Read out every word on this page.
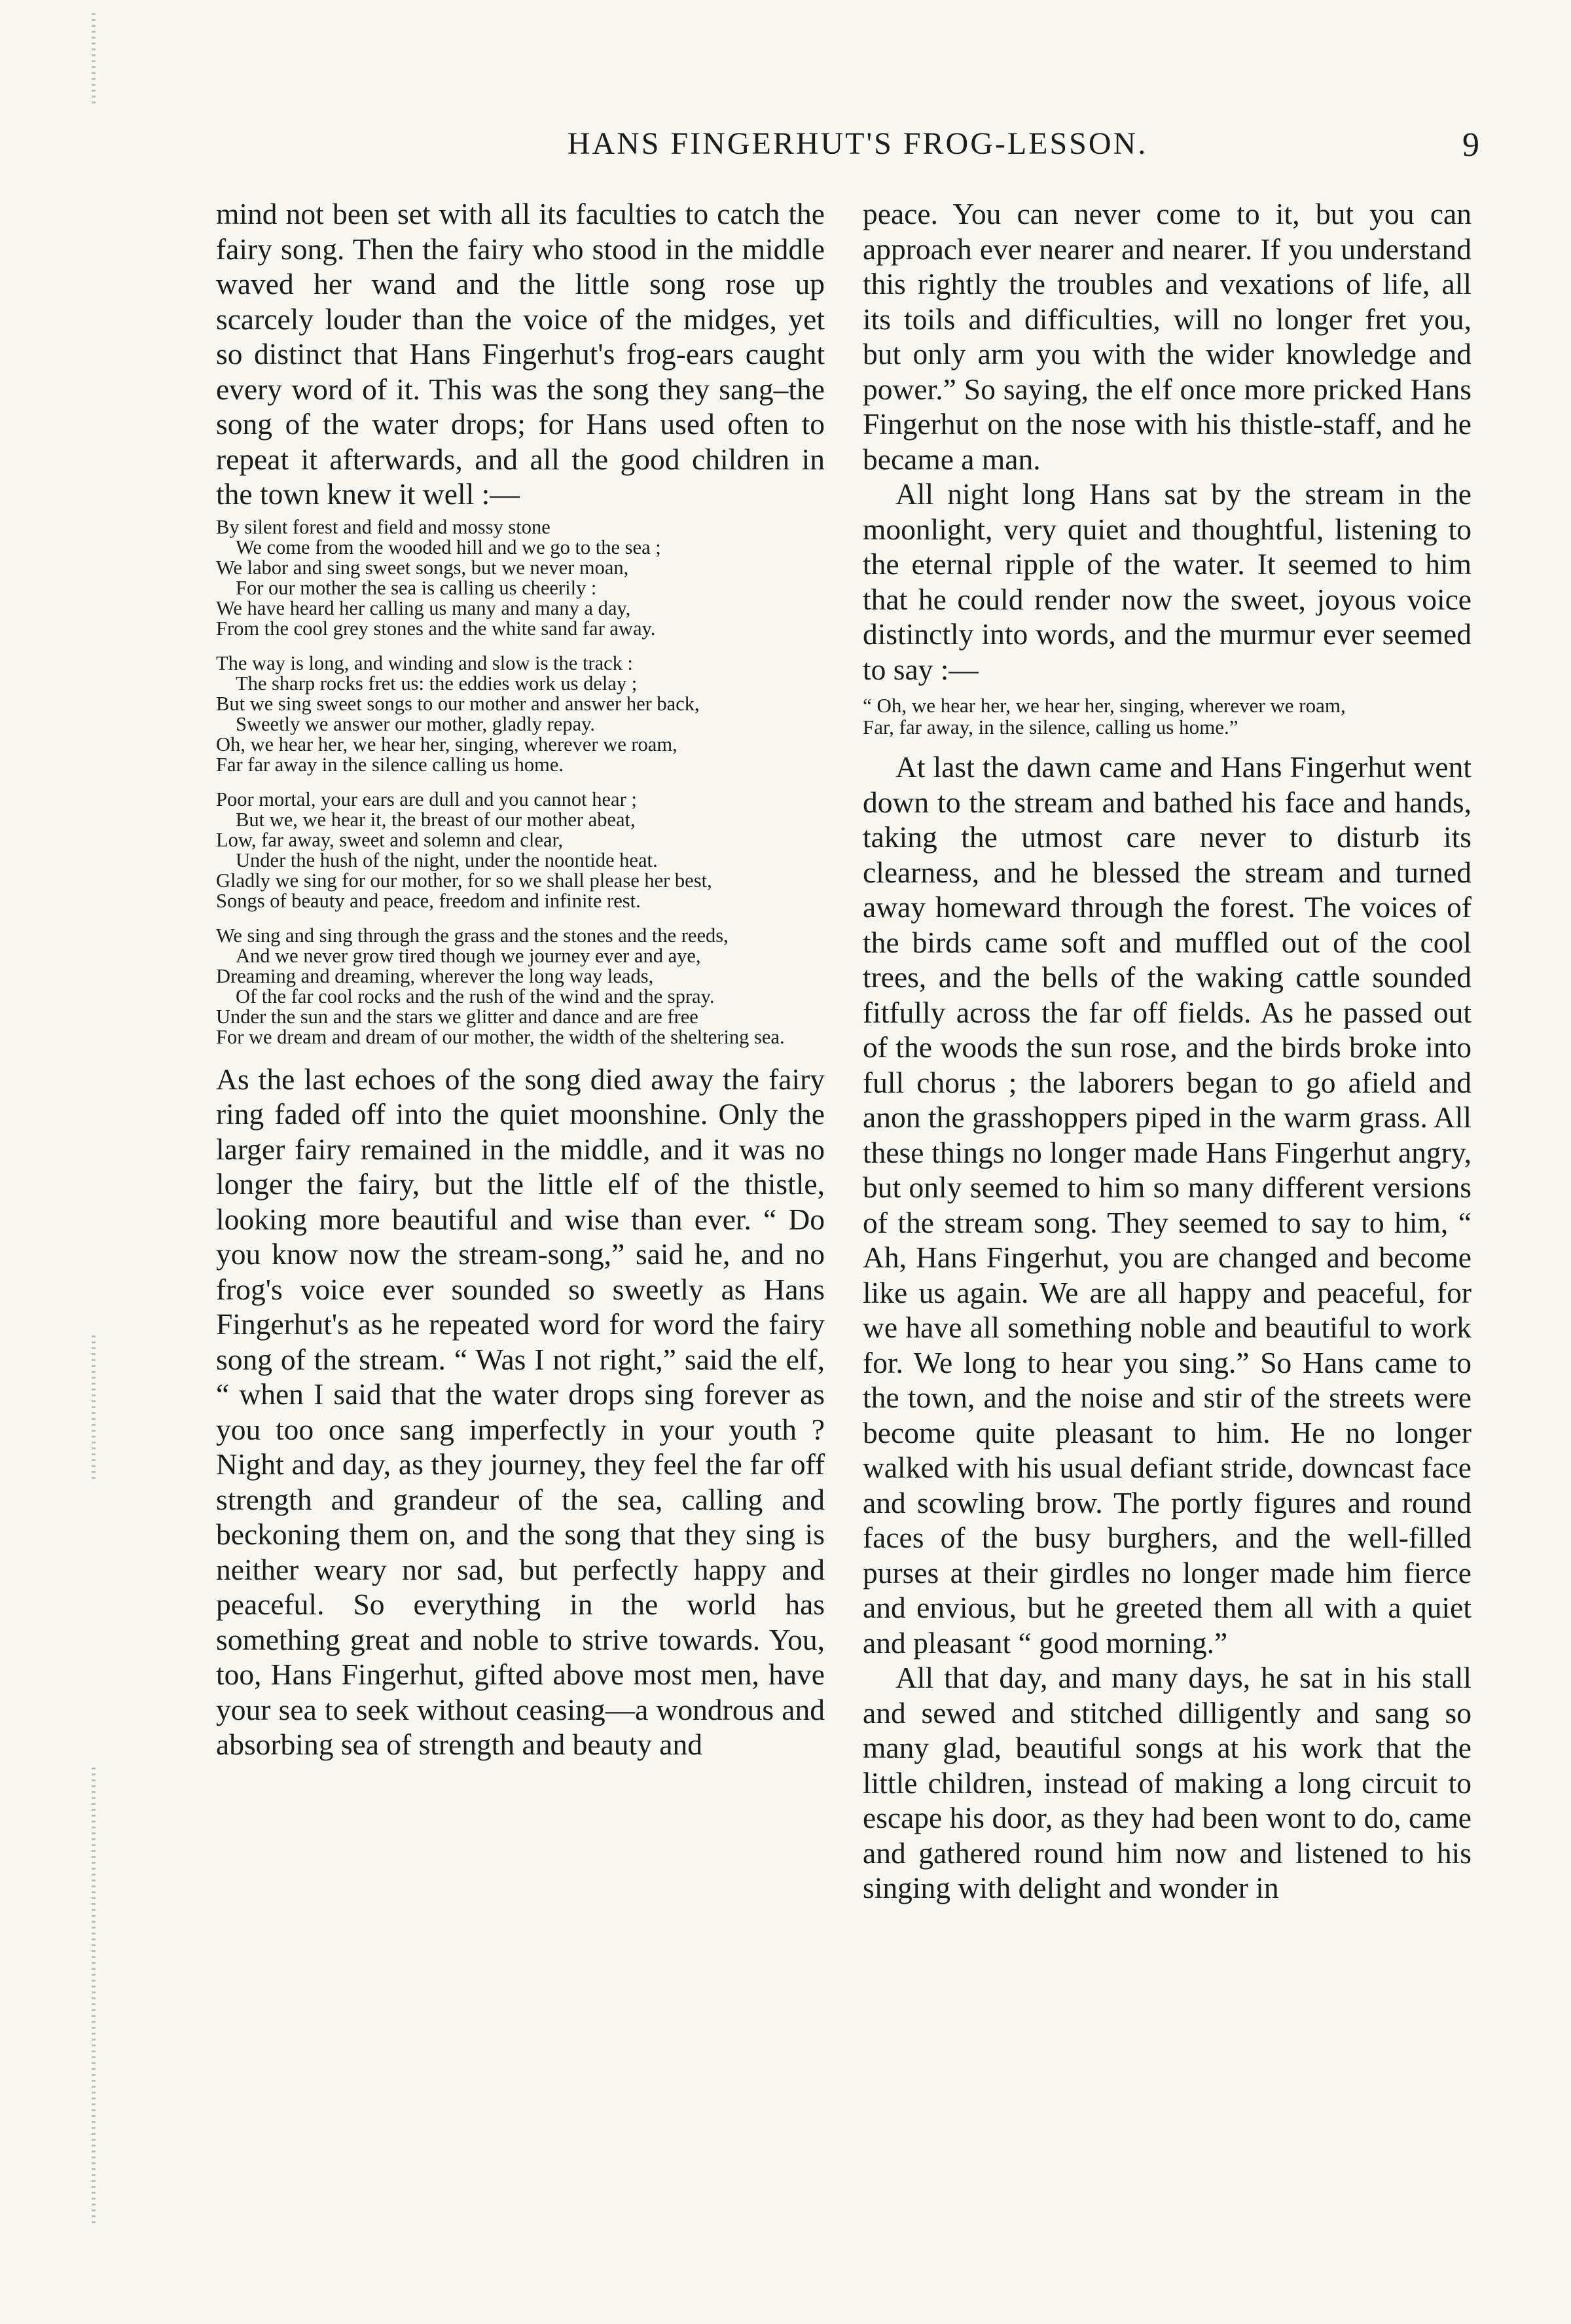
HANS FINGERHUT'S FROG-LESSON.	9

mind not been set with all its faculties to catch the fairy song. Then the fairy who stood in the middle waved her wand and the little song rose up scarcely louder than the voice of the midges, yet so distinct that Hans Fingerhut's frog-ears caught every word of it. This was the song they sang–the song of the water drops; for Hans used often to repeat it afterwards, and all the good children in the town knew it well :—

By silent forest and field and mossy stone
We come from the wooded hill and we go to the sea ;
We labor and sing sweet songs, but we never moan,
For our mother the sea is calling us cheerily :
We have heard her calling us many and many a day,
From the cool grey stones and the white sand far away.
The way is long, and winding and slow is the track :
The sharp rocks fret us: the eddies work us delay ;
But we sing sweet songs to our mother and answer her back,
Sweetly we answer our mother, gladly repay.
Oh, we hear her, we hear her, singing, wherever we roam,
Far far away in the silence calling us home.
Poor mortal, your ears are dull and you cannot hear ;
But we, we hear it, the breast of our mother abeat,
Low, far away, sweet and solemn and clear,
Under the hush of the night, under the noontide heat.
Gladly we sing for our mother, for so we shall please her best,
Songs of beauty and peace, freedom and infinite rest.
We sing and sing through the grass and the stones and the reeds,
And we never grow tired though we journey ever and aye,
Dreaming and dreaming, wherever the long way leads,
Of the far cool rocks and the rush of the wind and the spray.
Under the sun and the stars we glitter and dance and are free
For we dream and dream of our mother, the width of the sheltering sea.

As the last echoes of the song died away the fairy ring faded off into the quiet moonshine. Only the larger fairy remained in the middle, and it was no longer the fairy, but the little elf of the thistle, looking more beautiful and wise than ever. “ Do you know now the stream-song,” said he, and no frog's voice ever sounded so sweetly as Hans Fingerhut's as he repeated word for word the fairy song of the stream. “ Was I not right,” said the elf, “ when I said that the water drops sing forever as you too once sang imperfectly in your youth ? Night and day, as they journey, they feel the far off strength and grandeur of the sea, calling and beckoning them on, and the song that they sing is neither weary nor sad, but perfectly happy and peaceful. So everything in the world has something great and noble to strive towards. You, too, Hans Fingerhut, gifted above most men, have your sea to seek without ceasing—a wondrous and absorbing sea of strength and beauty and

peace. You can never come to it, but you can approach ever nearer and nearer. If you understand this rightly the troubles and vexations of life, all its toils and difficulties, will no longer fret you, but only arm you with the wider knowledge and power.” So saying, the elf once more pricked Hans Fingerhut on the nose with his thistle-staff, and he became a man.

All night long Hans sat by the stream in the moonlight, very quiet and thoughtful, listening to the eternal ripple of the water. It seemed to him that he could render now the sweet, joyous voice distinctly into words, and the murmur ever seemed to say :—

“ Oh, we hear her, we hear her, singing, wherever we roam,
Far, far away, in the silence, calling us home.”

At last the dawn came and Hans Fingerhut went down to the stream and bathed his face and hands, taking the utmost care never to disturb its clearness, and he blessed the stream and turned away homeward through the forest. The voices of the birds came soft and muffled out of the cool trees, and the bells of the waking cattle sounded fitfully across the far off fields. As he passed out of the woods the sun rose, and the birds broke into full chorus ; the laborers began to go afield and anon the grasshoppers piped in the warm grass. All these things no longer made Hans Fingerhut angry, but only seemed to him so many different versions of the stream song. They seemed to say to him, “ Ah, Hans Fingerhut, you are changed and become like us again. We are all happy and peaceful, for we have all something noble and beautiful to work for. We long to hear you sing.” So Hans came to the town, and the noise and stir of the streets were become quite pleasant to him. He no longer walked with his usual defiant stride, downcast face and scowling brow. The portly figures and round faces of the busy burghers, and the well-filled purses at their girdles no longer made him fierce and envious, but he greeted them all with a quiet and pleasant “ good morning.”

All that day, and many days, he sat in his stall and sewed and stitched dilligently and sang so many glad, beautiful songs at his work that the little children, instead of making a long circuit to escape his door, as they had been wont to do, came and gathered round him now and listened to his singing with delight and wonder in
